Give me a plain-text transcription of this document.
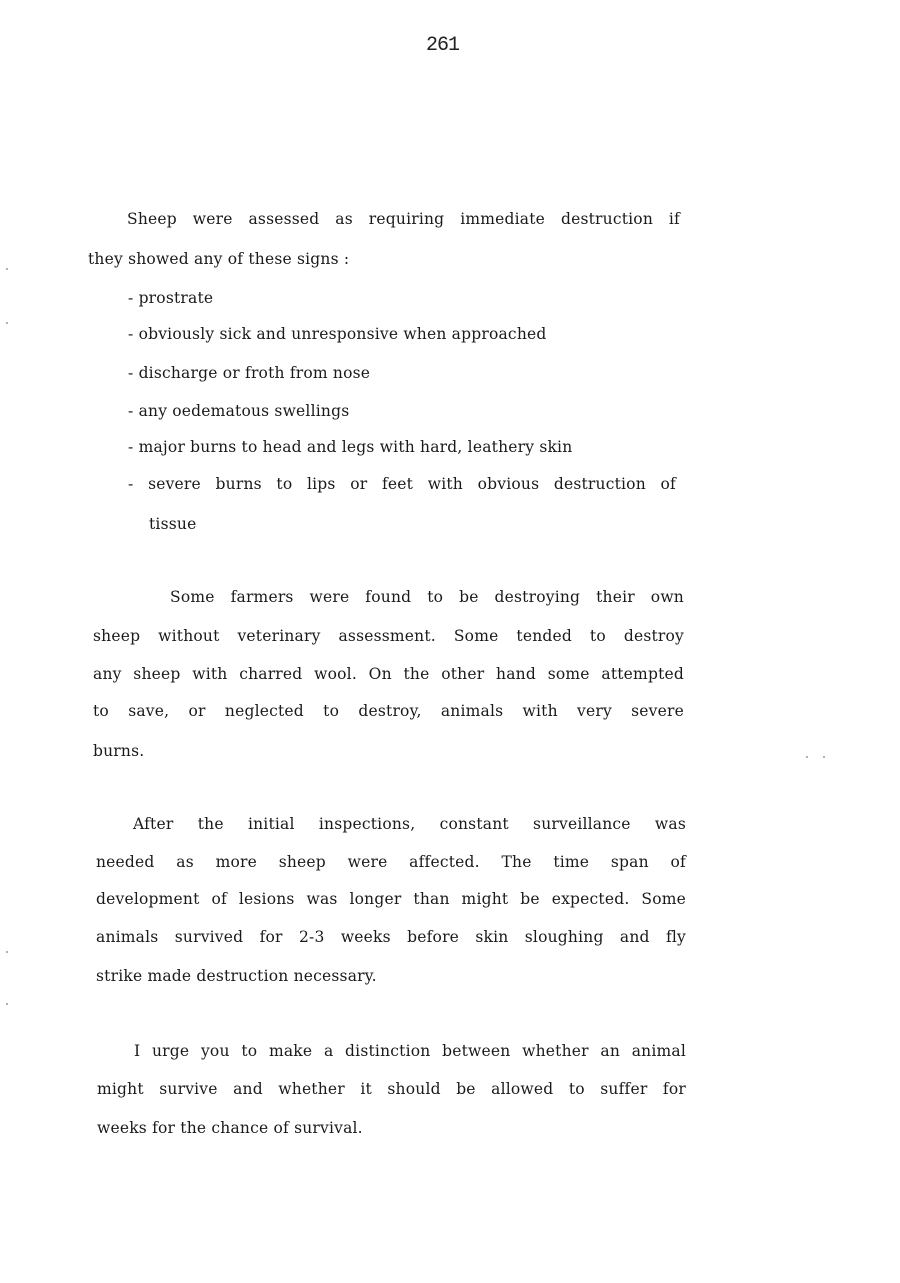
261
Sheep were assessed as requiring immediate destruction if
they showed any of these signs :
- prostrate
- obviously sick and unresponsive when approached
- discharge or froth from nose
- any oedematous swellings
- major burns to head and legs with hard, leathery skin
- severe burns to lips or feet with obvious destruction of
tissue
Some farmers were found to be destroying their own
sheep without veterinary assessment. Some tended to destroy
any sheep with charred wool. On the other hand some attempted
to save, or neglected to destroy, animals with very severe
burns.
After the initial inspections, constant surveillance was
needed as more sheep were affected. The time span of
development of lesions was longer than might be expected. Some
animals survived for 2-3 weeks before skin sloughing and fly
strike made destruction necessary.
I urge you to make a distinction between whether an animal
might survive and whether it should be allowed to suffer for
weeks for the chance of survival.
